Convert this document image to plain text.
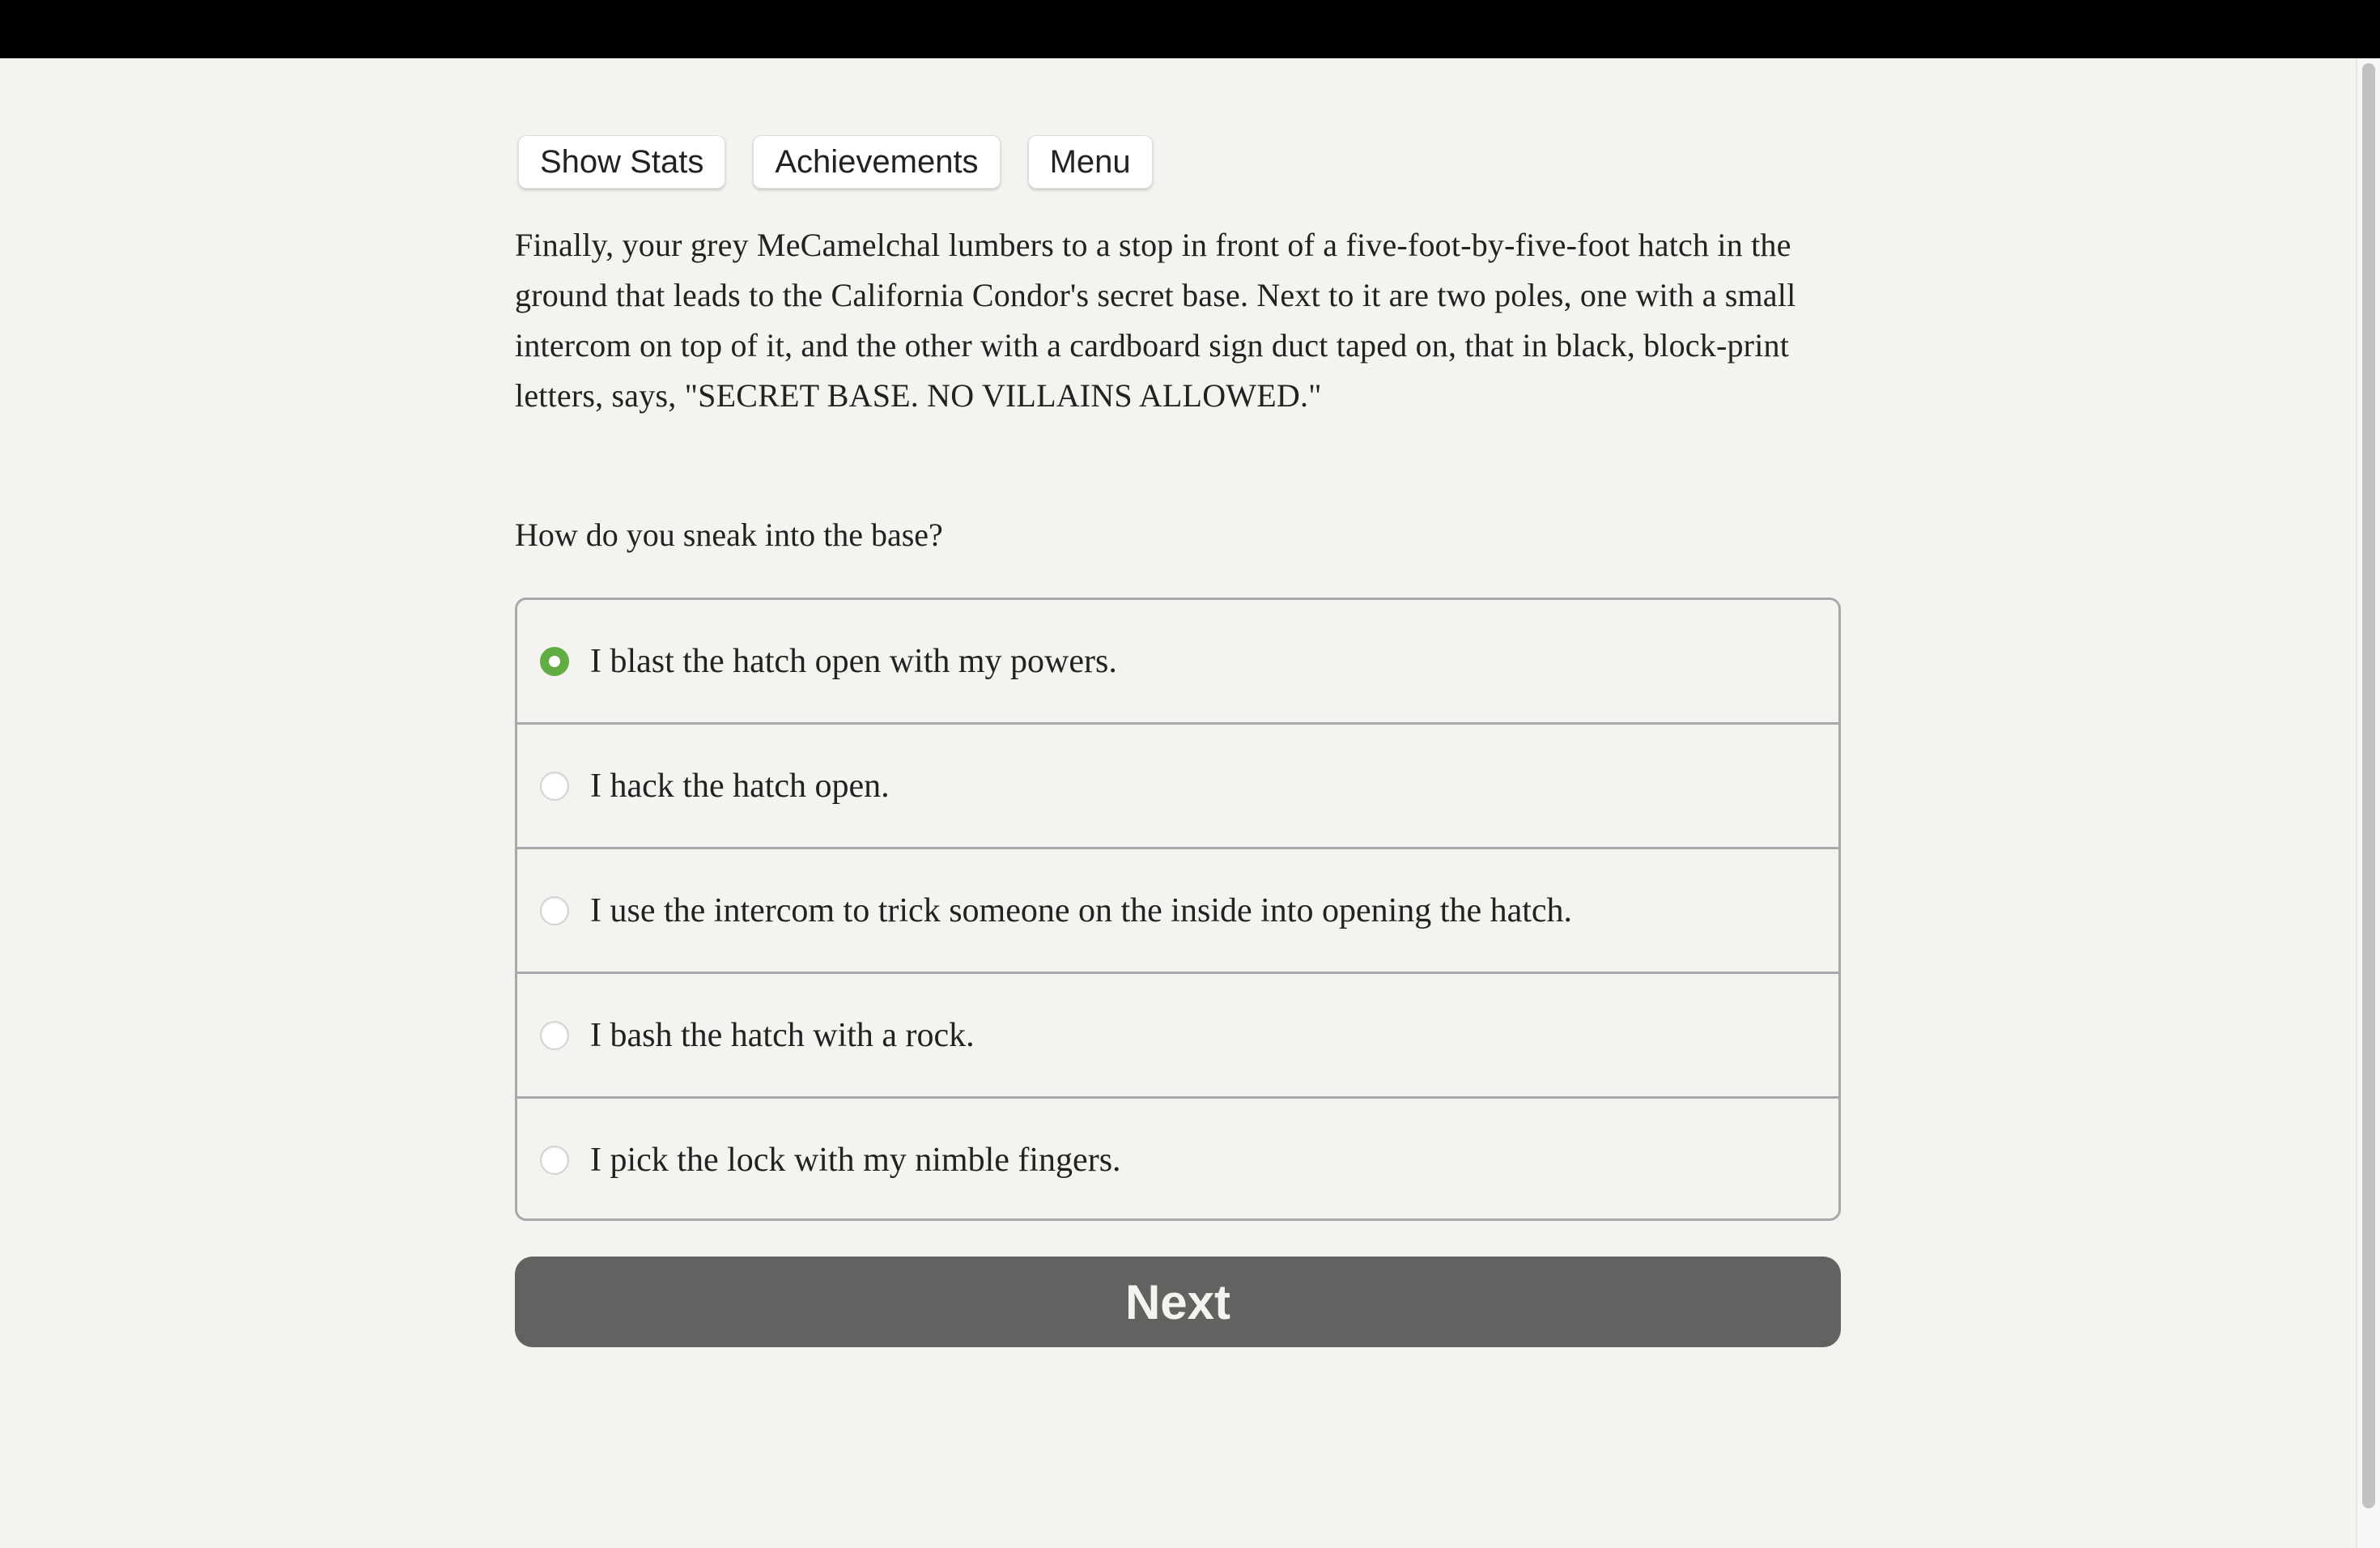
Show Stats	Achievements	Menu

Finally, your grey MeCamelchal lumbers to a stop in front of a five-foot-by-five-foot hatch in the ground that leads to the California Condor's secret base. Next to it are two poles, one with a small intercom on top of it, and the other with a cardboard sign duct taped on, that in black, block-print letters, says, "SECRET BASE. NO VILLAINS ALLOWED."

How do you sneak into the base?

I blast the hatch open with my powers.
I hack the hatch open.
I use the intercom to trick someone on the inside into opening the hatch.
I bash the hatch with a rock.
I pick the lock with my nimble fingers.
Next
